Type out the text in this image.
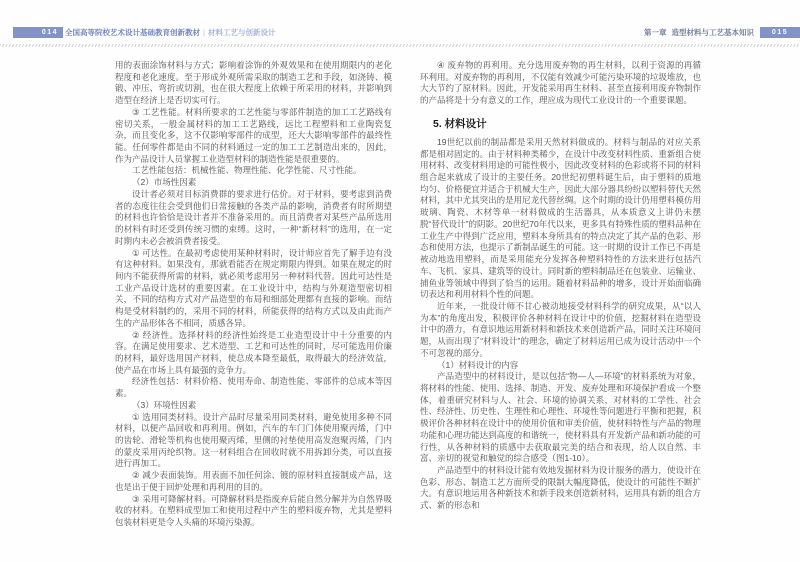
014 全国高等院校艺术设计基础教育创新教材 | 材料工艺与创新设计	第一章 造型材料与工艺基本知识	015

用的表面涂饰材料与方式；影响着涂饰的外观效果和在使用期限内的老化程度和老化速度。至于形成外观所需采取的制造工艺和手段，如浇铸、模锻、冲压、弯折或切割，也在很大程度上依赖于所采用的材料，并影响到造型在经济上是否切实可行。

③ 工艺性能。材料所要求的工艺性能与零部件制造的加工工艺路线有密切关系，一般金属材料的加工工艺路线，远比工程塑料和工业陶瓷复杂，而且变化多，这不仅影响零部件的成型，还大大影响零部件的最终性能。任何零件都是由不同的材料通过一定的加工工艺制造出来的，因此，作为产品设计人员掌握工业造型材料的制造性能是很重要的。

工艺性能包括：机械性能、物理性能、化学性能、尺寸性能。

（2）市场性因素

设计者必须对目标消费群的要求进行估价。对于材料，要考虑到消费者的态度往往会受到他们日常接触的各类产品的影响，消费者有时所期望的材料也许恰恰是设计者并不准备采用的。而且消费者对某些产品所选用的材料有时还受到传统习惯的束缚。这时，一种“新材料”的选用，在一定时期内未必会被消费者接受。

① 可达性。在最初考虑使用某种材料时，设计师应首先了解手边有没有这种材料。如果没有，那就看能否在规定期限内得到。如果在规定的时间内不能获得所需的材料，就必须考虑用另一种材料代替。因此可达性是工业产品设计选材的重要因素。在工业设计中，结构与外观造型密切相关，不同的结构方式对产品造型的布局和细部处理都有直接的影响。而结构是受材料制约的，采用不同的材料，所能获得的结构方式以及由此而产生的产品形体各不相同，质感各异。

② 经济性。选择材料的经济性始终是工业造型设计中十分重要的内容。在满足使用要求、艺术造型、工艺和可达性的同时，尽可能选用价廉的材料，最好选用国产材料，使总成本降至最低，取得最大的经济效益，使产品在市场上具有最强的竞争力。

经济性包括：材料价格、使用寿命、制造性能、零部件的总成本等因素。

（3）环境性因素

① 选用同类材料。设计产品时尽量采用同类材料，避免使用多种不同材料，以便产品回收和再利用。例如，汽车的车门门体使用聚丙烯，门中的齿轮、滑轮等机构也使用聚丙烯，里侧的衬垫使用高发泡聚丙烯，门内的蒙皮采用丙纶织物。这一材料组合在回收时就不用拆卸分类，可以直接进行再加工。

② 减少表面装饰。用表面不加任何涂、镀的原材料直接制成产品，这也是出于便于回炉处理和再利用的目的。

③ 采用可降解材料。可降解材料是指废弃后能自然分解并为自然界吸收的材料。在塑料成型加工和使用过程中产生的塑料废弃物，尤其是塑料包装材料更是令人头痛的环境污染源。

④ 废弃物的再利用。充分选用废弃物的再生材料，以利于资源的再循环利用。对废弃物的再利用，不仅能有效减少可能污染环境的垃圾堆放，也大大节约了原材料。因此，开发能采用再生材料、甚至直接利用废弃物制作的产品将是十分有意义的工作，理应成为现代工业设计的一个重要课题。

5. 材料设计

19世纪以前的制品都是采用天然材料做成的。材料与制品的对应关系都是相对固定的。由于材料种类稀少，在设计中改变材料性质、重新组合使用材料、改变材料用途的可能性极小，因此改变材料的色彩或将不同的材料组合起来就成了设计的主要任务。20世纪初塑料诞生后，由于塑料的质地均匀、价格便宜并适合于机械大生产，因此大部分器具纷纷以塑料替代天然材料，其中尤其突出的是用尼龙代替丝绸。这个时期的设计仍用塑料模仿用玻璃、陶瓷、木材等单一材料做成的生活器具，从本质意义上讲仍未摆脱“替代设计”的阴影。20世纪70年代以来，更多具有特殊性质的塑料品种在工业生产中得到广泛应用，塑料本身所具有的特点决定了其产品的色彩、形态和使用方法，也提示了新制品诞生的可能。这一时期的设计工作已不再是被动地选用塑料，而是采用能充分发挥各种塑料特性的方法来进行包括汽车、飞机、家具、建筑等的设计。同时新的塑料制品还在包装业、运输业、捕鱼业等领域中得到了恰当的运用。随着材料品种的增多，设计开始面临确切表达和利用材料个性的问题。

近年来，一批设计师不甘心被动地接受材料科学的研究成果，从“以人为本”的角度出发，积极评价各种材料在设计中的价值，挖掘材料在造型设计中的潜力，有意识地运用新材料和新技术来创造新产品，同时关注环境问题，从而出现了“材料设计”的理念，确定了材料运用已成为设计活动中一个不可忽视的部分。

（1）材料设计的内容

产品造型中的材料设计，是以包括“物—人—环境”的材料系统为对象，将材料的性能、使用、选择、制造、开发、废弃处理和环境保护看成一个整体，着重研究材料与人、社会、环境的协调关系，对材料的工学性、社会性、经济性、历史性、生理性和心理性、环境性等问题进行平衡和把握，积极评价各种材料在设计中的使用价值和审美价值，使材料特性与产品的物理功能和心理功能达到高度的和谐统一，使材料具有开发新产品和新功能的可行性，从各种材料的质感中去获取最完美的结合和表现，给人以自然、丰富、亲切的视觉和触觉的综合感受（图1-10）。

产品造型中的材料设计能有效地发掘材料为设计服务的潜力，使设计在色彩、形态、制造工艺方面所受的限制大幅度降低，使设计的可能性不断扩大。有意识地运用各种新技术和新手段来创造新材料，运用具有新的组合方式、新的形态和
